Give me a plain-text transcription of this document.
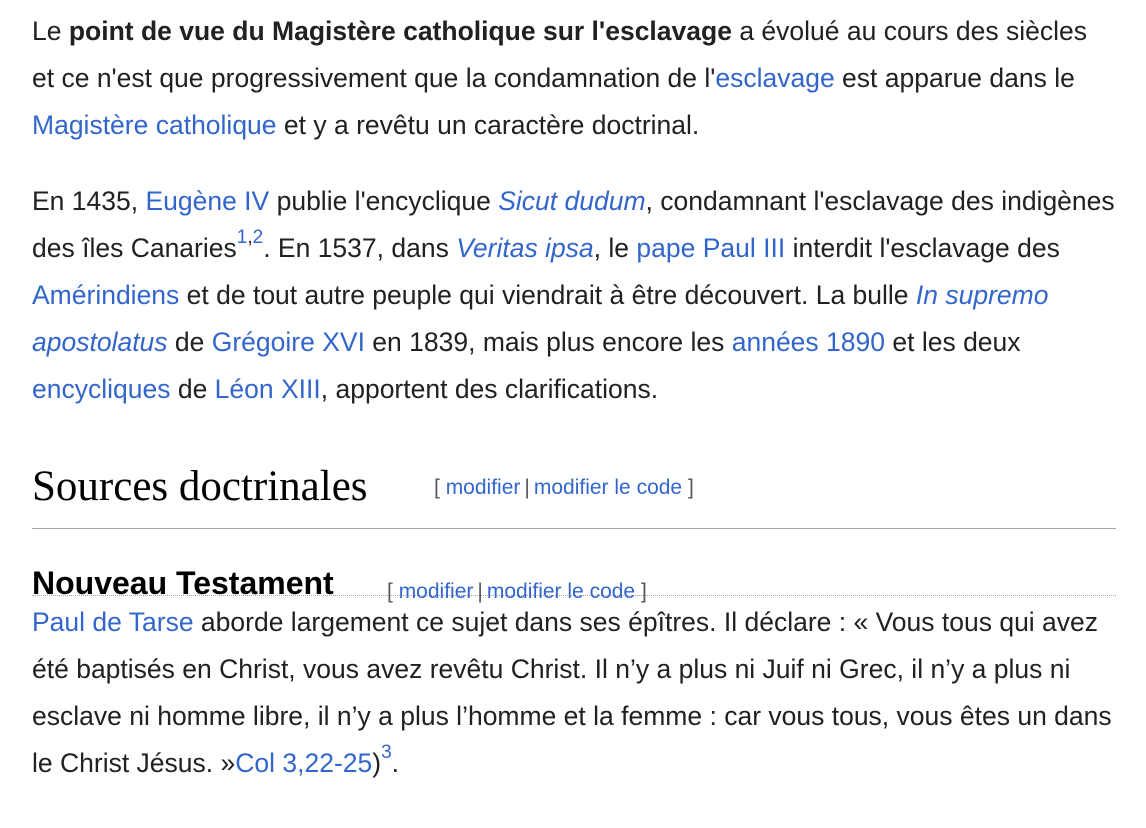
Le point de vue du Magistère catholique sur l'esclavage a évolué au cours des siècles et ce n'est que progressivement que la condamnation de l'esclavage est apparue dans le Magistère catholique et y a revêtu un caractère doctrinal.

En 1435, Eugène IV publie l'encyclique Sicut dudum, condamnant l'esclavage des indigènes des îles Canaries$^{1,2}$. En 1537, dans Veritas ipsa, le pape Paul III interdit l'esclavage des Amérindiens et de tout autre peuple qui viendrait à être découvert. La bulle In supremo apostolatus de Grégoire XVI en 1839, mais plus encore les années 1890 et les deux encycliques de Léon XIII, apportent des clarifications.

Sources doctrinales	[ modifier | modifier le code ]
Nouveau Testament	[ modifier | modifier le code ]

Paul de Tarse aborde largement ce sujet dans ses épîtres. Il déclare : « Vous tous qui avez été baptisés en Christ, vous avez revêtu Christ. Il n’y a plus ni Juif ni Grec, il n’y a plus ni esclave ni homme libre, il n’y a plus l’homme et la femme : car vous tous, vous êtes un dans le Christ Jésus. »Col 3,22-25)$^3$.
